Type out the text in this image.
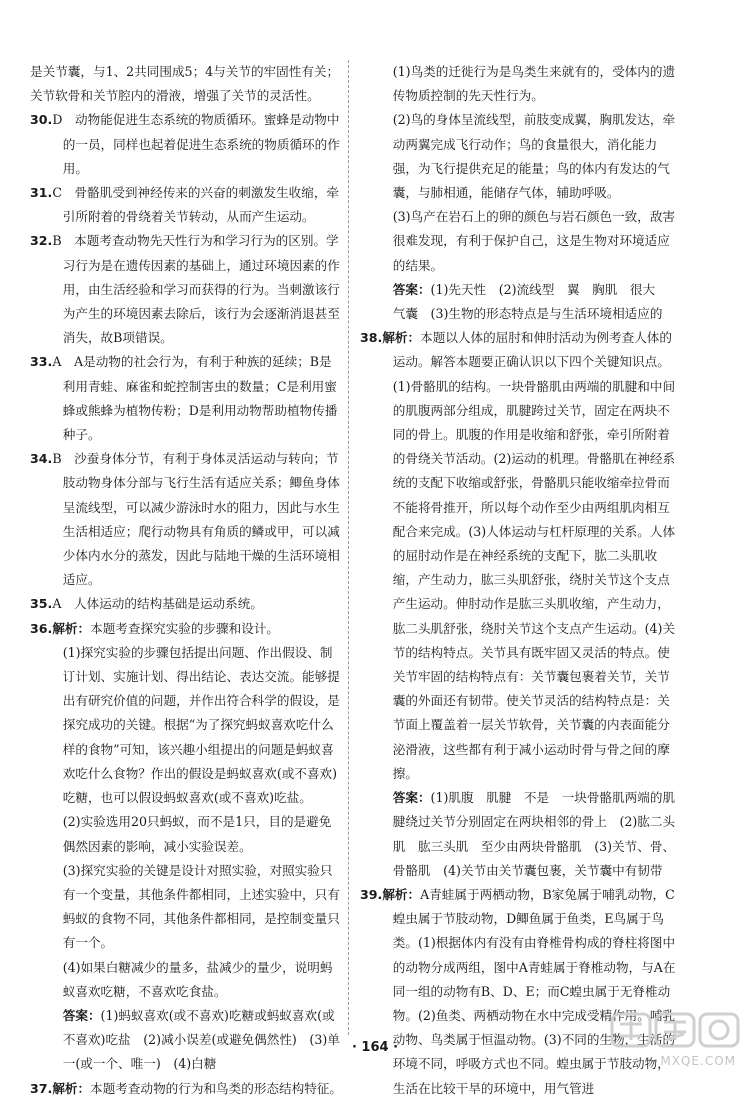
是关节囊，与1、2共同围成5；4与关节的牢固性有关；关节软骨和关节腔内的滑液，增强了关节的灵活性。

30.D　动物能促进生态系统的物质循环。蜜蜂是动物中的一员，同样也起着促进生态系统的物质循环的作用。

31.C　骨骼肌受到神经传来的兴奋的刺激发生收缩，牵引所附着的骨绕着关节转动，从而产生运动。

32.B　本题考查动物先天性行为和学习行为的区别。学习行为是在遗传因素的基础上，通过环境因素的作用，由生活经验和学习而获得的行为。当刺激该行为产生的环境因素去除后，该行为会逐渐消退甚至消失，故B项错误。

33.A　A是动物的社会行为，有利于种族的延续；B是利用青蛙、麻雀和蛇控制害虫的数量；C是利用蜜蜂或熊蜂为植物传粉；D是利用动物帮助植物传播种子。

34.B　沙蚕身体分节，有利于身体灵活运动与转向；节肢动物身体分部与飞行生活有适应关系；鲫鱼身体呈流线型，可以减少游泳时水的阻力，因此与水生生活相适应；爬行动物具有角质的鳞或甲，可以减少体内水分的蒸发，因此与陆地干燥的生活环境相适应。

35.A　人体运动的结构基础是运动系统。

36.解析：本题考查探究实验的步骤和设计。

(1)探究实验的步骤包括提出问题、作出假设、制订计划、实施计划、得出结论、表达交流。能够提出有研究价值的问题，并作出符合科学的假设，是探究成功的关键。根据“为了探究蚂蚁喜欢吃什么样的食物”可知，该兴趣小组提出的问题是蚂蚁喜欢吃什么食物？作出的假设是蚂蚁喜欢(或不喜欢)吃糖，也可以假设蚂蚁喜欢(或不喜欢)吃盐。

(2)实验选用20只蚂蚁，而不是1只，目的是避免偶然因素的影响，减小实验误差。

(3)探究实验的关键是设计对照实验，对照实验只有一个变量，其他条件都相同，上述实验中，只有蚂蚁的食物不同，其他条件都相同，是控制变量只有一个。

(4)如果白糖减少的量多，盐减少的量少，说明蚂蚁喜欢吃糖，不喜欢吃食盐。

答案：(1)蚂蚁喜欢(或不喜欢)吃糖或蚂蚁喜欢(或不喜欢)吃盐　(2)减小误差(或避免偶然性)　(3)单一(或一个、唯一)　(4)白糖

37.解析：本题考查动物的行为和鸟类的形态结构特征。

(1)鸟类的迁徙行为是鸟类生来就有的，受体内的遗传物质控制的先天性行为。

(2)鸟的身体呈流线型，前肢变成翼，胸肌发达，牵动两翼完成飞行动作；鸟的食量很大，消化能力强，为飞行提供充足的能量；鸟的体内有发达的气囊，与肺相通，能储存气体，辅助呼吸。

(3)鸟产在岩石上的卵的颜色与岩石颜色一致，敌害很难发现，有利于保护自己，这是生物对环境适应的结果。

答案：(1)先天性　(2)流线型　翼　胸肌　很大　气囊　(3)生物的形态特点是与生活环境相适应的

38.解析：本题以人体的屈肘和伸肘活动为例考查人体的运动。解答本题要正确认识以下四个关键知识点。(1)骨骼肌的结构。一块骨骼肌由两端的肌腱和中间的肌腹两部分组成，肌腱跨过关节，固定在两块不同的骨上。肌腹的作用是收缩和舒张，牵引所附着的骨绕关节活动。(2)运动的机理。骨骼肌在神经系统的支配下收缩或舒张，骨骼肌只能收缩牵拉骨而不能将骨推开，所以每个动作至少由两组肌肉相互配合来完成。(3)人体运动与杠杆原理的关系。人体的屈肘动作是在神经系统的支配下，肱二头肌收缩，产生动力，肱三头肌舒张，绕肘关节这个支点产生运动。伸肘动作是肱三头肌收缩，产生动力，肱二头肌舒张，绕肘关节这个支点产生运动。(4)关节的结构特点。关节具有既牢固又灵活的特点。使关节牢固的结构特点有：关节囊包裹着关节，关节囊的外面还有韧带。使关节灵活的结构特点是：关节面上覆盖着一层关节软骨，关节囊的内表面能分泌滑液，这些都有利于减小运动时骨与骨之间的摩擦。

答案：(1)肌腹　肌腱　不是　一块骨骼肌两端的肌腱绕过关节分别固定在两块相邻的骨上　(2)肱二头肌　肱三头肌　至少由两块骨骼肌　(3)关节、骨、骨骼肌　(4)关节由关节囊包裹，关节囊中有韧带

39.解析：A青蛙属于两栖动物，B家兔属于哺乳动物，C蝗虫属于节肢动物，D鲫鱼属于鱼类，E鸟属于鸟类。(1)根据体内有没有由脊椎骨构成的脊柱将图中的动物分成两组，图中A青蛙属于脊椎动物，与A在同一组的动物有B、D、E；而C蝗虫属于无脊椎动物。(2)鱼类、两栖动物在水中完成受精作用。哺乳动物、鸟类属于恒温动物。(3)不同的生物，生活的环境不同，呼吸方式也不同。蝗虫属于节肢动物，生活在比较干旱的环境中，用气管进

· 164 ·
MXQE.COM
